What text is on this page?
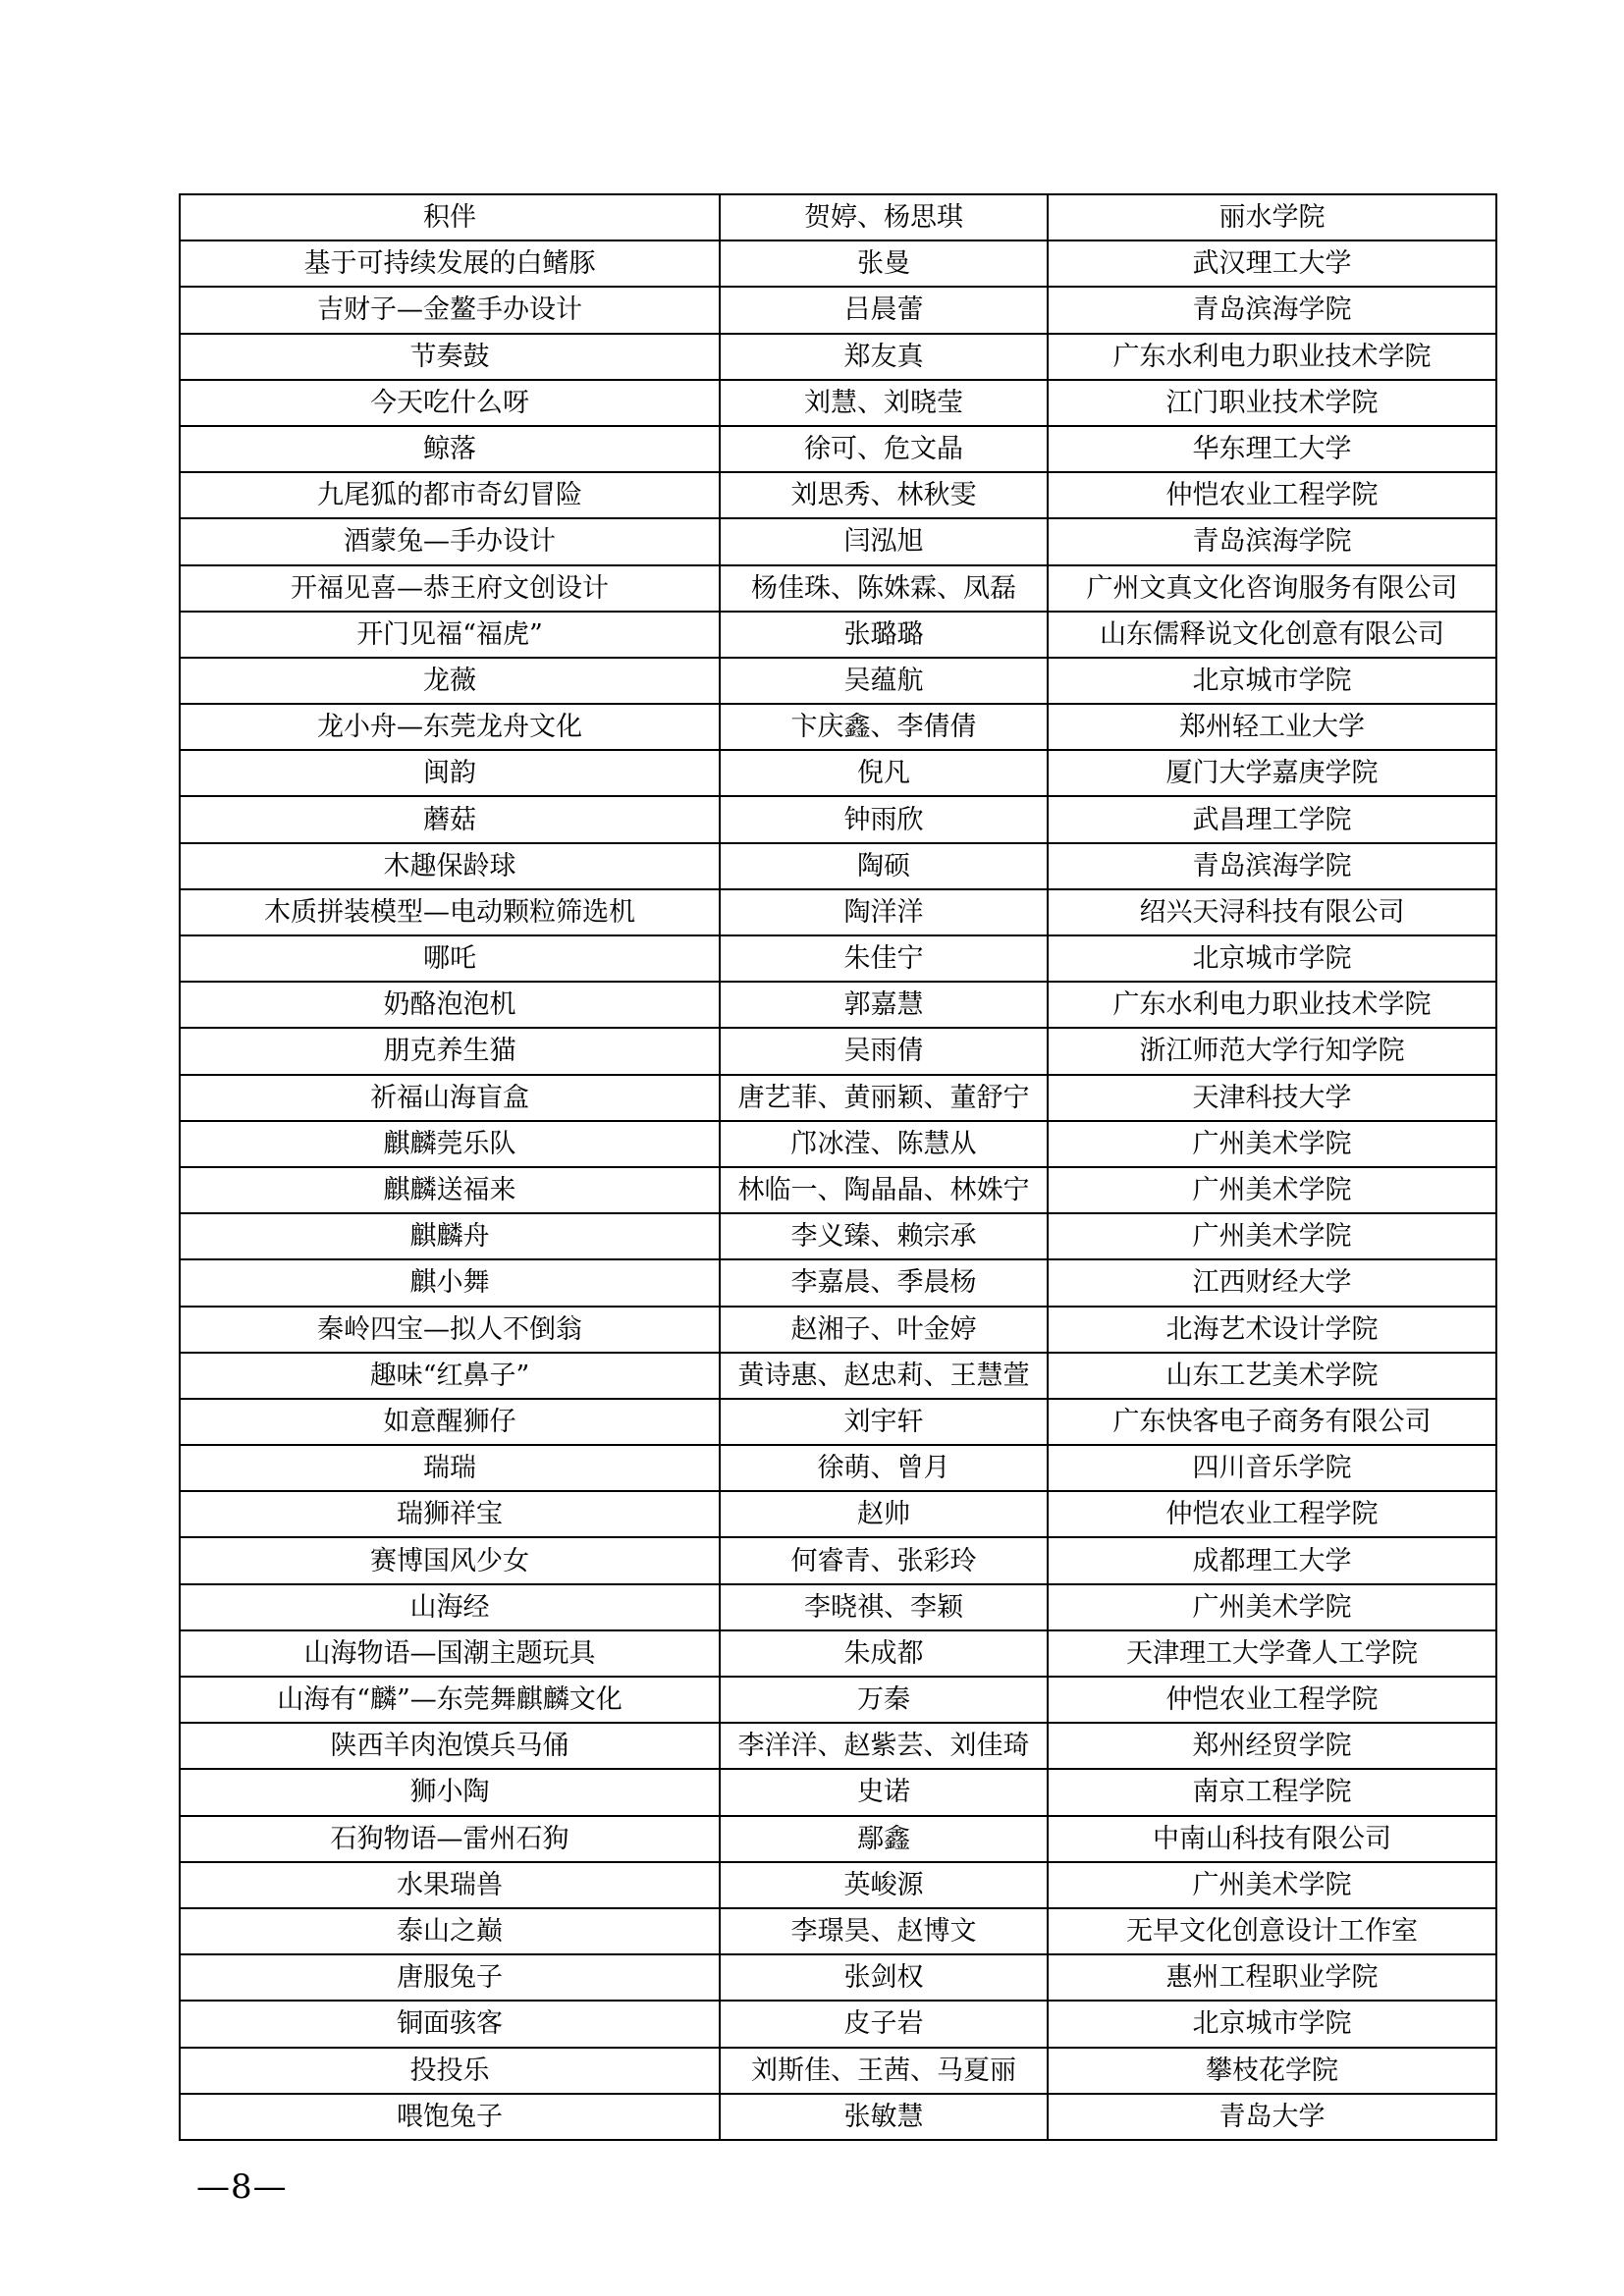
积伴	贺婷、杨思琪	丽水学院
基于可持续发展的白鳍豚	张曼	武汉理工大学
吉财子—金鳌手办设计	吕晨蕾	青岛滨海学院
节奏鼓	郑友真	广东水利电力职业技术学院
今天吃什么呀	刘慧、刘晓莹	江门职业技术学院
鲸落	徐可、危文晶	华东理工大学
九尾狐的都市奇幻冒险	刘思秀、林秋雯	仲恺农业工程学院
酒蒙兔—手办设计	闫泓旭	青岛滨海学院
开福见喜—恭王府文创设计	杨佳珠、陈姝霖、凤磊	广州文真文化咨询服务有限公司
开门见福“福虎”	张璐璐	山东儒释说文化创意有限公司
龙薇	吴蕴航	北京城市学院
龙小舟—东莞龙舟文化	卞庆鑫、李倩倩	郑州轻工业大学
闽韵	倪凡	厦门大学嘉庚学院
蘑菇	钟雨欣	武昌理工学院
木趣保龄球	陶硕	青岛滨海学院
木质拼装模型—电动颗粒筛选机	陶洋洋	绍兴天浔科技有限公司
哪吒	朱佳宁	北京城市学院
奶酪泡泡机	郭嘉慧	广东水利电力职业技术学院
朋克养生猫	吴雨倩	浙江师范大学行知学院
祈福山海盲盒	唐艺菲、黄丽颖、董舒宁	天津科技大学
麒麟莞乐队	邝冰滢、陈慧从	广州美术学院
麒麟送福来	林临一、陶晶晶、林姝宁	广州美术学院
麒麟舟	李义臻、赖宗承	广州美术学院
麒小舞	李嘉晨、季晨杨	江西财经大学
秦岭四宝—拟人不倒翁	赵湘子、叶金婷	北海艺术设计学院
趣味“红鼻子”	黄诗惠、赵忠莉、王慧萱	山东工艺美术学院
如意醒狮仔	刘宇轩	广东快客电子商务有限公司
瑞瑞	徐萌、曾月	四川音乐学院
瑞狮祥宝	赵帅	仲恺农业工程学院
赛博国风少女	何睿青、张彩玲	成都理工大学
山海经	李晓祺、李颖	广州美术学院
山海物语—国潮主题玩具	朱成都	天津理工大学聋人工学院
山海有“麟”—东莞舞麒麟文化	万秦	仲恺农业工程学院
陕西羊肉泡馍兵马俑	李洋洋、赵紫芸、刘佳琦	郑州经贸学院
狮小陶	史诺	南京工程学院
石狗物语—雷州石狗	鄢鑫	中南山科技有限公司
水果瑞兽	英峻源	广州美术学院
泰山之巅	李璟昊、赵博文	无早文化创意设计工作室
唐服兔子	张剑权	惠州工程职业学院
铜面骇客	皮子岩	北京城市学院
投投乐	刘斯佳、王茜、马夏丽	攀枝花学院
喂饱兔子	张敏慧	青岛大学
—8—
